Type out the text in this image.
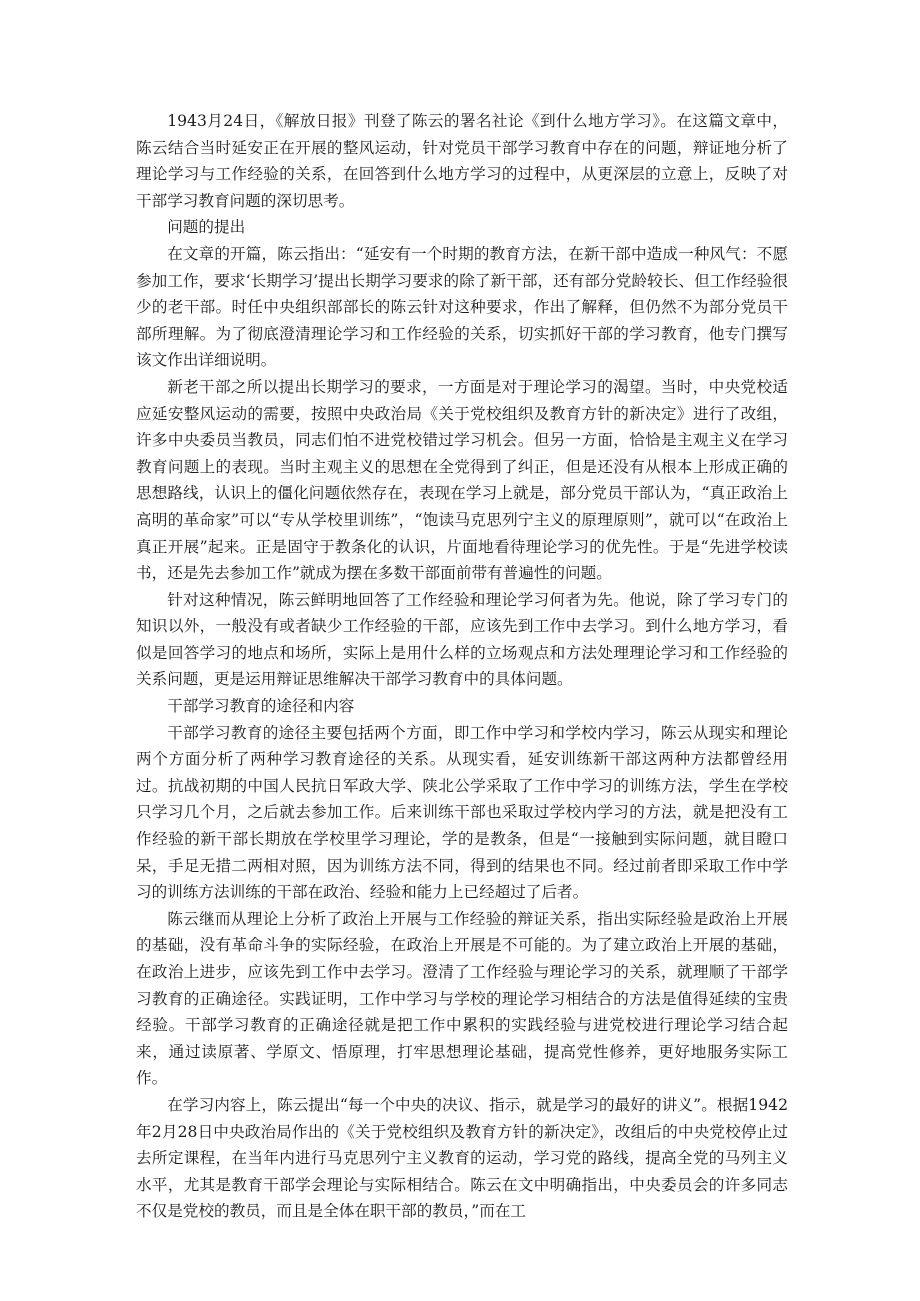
1943月24日，《解放日报》刊登了陈云的署名社论《到什么地方学习》。在这篇文章中，陈云结合当时延安正在开展的整风运动，针对党员干部学习教育中存在的问题，辩证地分析了理论学习与工作经验的关系，在回答到什么地方学习的过程中，从更深层的立意上，反映了对干部学习教育问题的深切思考。

问题的提出

在文章的开篇，陈云指出：“延安有一个时期的教育方法，在新干部中造成一种风气：不愿参加工作，要求‘长期学习’提出长期学习要求的除了新干部，还有部分党龄较长、但工作经验很少的老干部。时任中央组织部部长的陈云针对这种要求，作出了解释，但仍然不为部分党员干部所理解。为了彻底澄清理论学习和工作经验的关系，切实抓好干部的学习教育，他专门撰写该文作出详细说明。

新老干部之所以提出长期学习的要求，一方面是对于理论学习的渴望。当时，中央党校适应延安整风运动的需要，按照中央政治局《关于党校组织及教育方针的新决定》进行了改组，许多中央委员当教员，同志们怕不进党校错过学习机会。但另一方面，恰恰是主观主义在学习教育问题上的表现。当时主观主义的思想在全党得到了纠正，但是还没有从根本上形成正确的思想路线，认识上的僵化问题依然存在，表现在学习上就是，部分党员干部认为，“真正政治上高明的革命家”可以“专从学校里训练”，“饱读马克思列宁主义的原理原则”，就可以“在政治上真正开展”起来。正是固守于教条化的认识，片面地看待理论学习的优先性。于是“先进学校读书，还是先去参加工作”就成为摆在多数干部面前带有普遍性的问题。

针对这种情况，陈云鲜明地回答了工作经验和理论学习何者为先。他说，除了学习专门的知识以外，一般没有或者缺少工作经验的干部，应该先到工作中去学习。到什么地方学习，看似是回答学习的地点和场所，实际上是用什么样的立场观点和方法处理理论学习和工作经验的关系问题，更是运用辩证思维解决干部学习教育中的具体问题。

干部学习教育的途径和内容

干部学习教育的途径主要包括两个方面，即工作中学习和学校内学习，陈云从现实和理论两个方面分析了两种学习教育途径的关系。从现实看，延安训练新干部这两种方法都曾经用过。抗战初期的中国人民抗日军政大学、陕北公学采取了工作中学习的训练方法，学生在学校只学习几个月，之后就去参加工作。后来训练干部也采取过学校内学习的方法，就是把没有工作经验的新干部长期放在学校里学习理论，学的是教条，但是“一接触到实际问题，就目瞪口呆，手足无措二两相对照，因为训练方法不同，得到的结果也不同。经过前者即采取工作中学习的训练方法训练的干部在政治、经验和能力上已经超过了后者。

陈云继而从理论上分析了政治上开展与工作经验的辩证关系，指出实际经验是政治上开展的基础，没有革命斗争的实际经验，在政治上开展是不可能的。为了建立政治上开展的基础，在政治上进步，应该先到工作中去学习。澄清了工作经验与理论学习的关系，就理顺了干部学习教育的正确途径。实践证明，工作中学习与学校的理论学习相结合的方法是值得延续的宝贵经验。干部学习教育的正确途径就是把工作中累积的实践经验与进党校进行理论学习结合起来，通过读原著、学原文、悟原理，打牢思想理论基础，提高党性修养，更好地服务实际工作。

在学习内容上，陈云提出“每一个中央的决议、指示，就是学习的最好的讲义”。根据1942年2月28日中央政治局作出的《关于党校组织及教育方针的新决定》，改组后的中央党校停止过去所定课程，在当年内进行马克思列宁主义教育的运动，学习党的路线，提高全党的马列主义水平，尤其是教育干部学会理论与实际相结合。陈云在文中明确指出，中央委员会的许多同志不仅是党校的教员，而且是全体在职干部的教员，”而在工
